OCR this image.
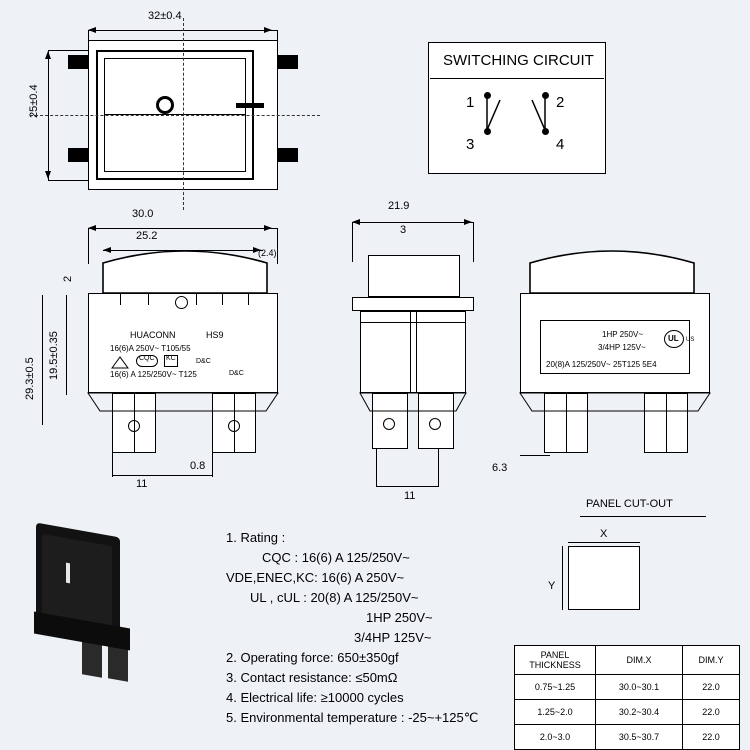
32±0.4
25±0.4
SWITCHING CIRCUIT
1	2
3	4
30.0
25.2
(2.4)
29.3±0.5 19.5±0.35
2
HUACONN	HS9
16(6)A 250V~ T105/55
16(6) A 125/250V~ T125
CQC KC	D&C
D&C
0.8
11
21.9
3
11
1HP 250V~
3/4HP 125V~
20(8)A 125/250V~ 25T125 5E4
UL US
6.3
1. Rating :
CQC : 16(6) A 125/250V~
VDE,ENEC,KC: 16(6) A 250V~
UL , cUL : 20(8) A 125/250V~
1HP 250V~
3/4HP 125V~
2. Operating force: 650±350gf
3. Contact resistance: ≤50mΩ
4. Electrical life: ≥10000 cycles
5. Environmental temperature : -25~+125℃
PANEL CUT-OUT
X
Y
PANEL THICKNESS	DIM.X	DIM.Y
0.75~1.25	30.0~30.1	22.0
1.25~2.0	30.2~30.4	22.0
2.0~3.0	30.5~30.7	22.0
